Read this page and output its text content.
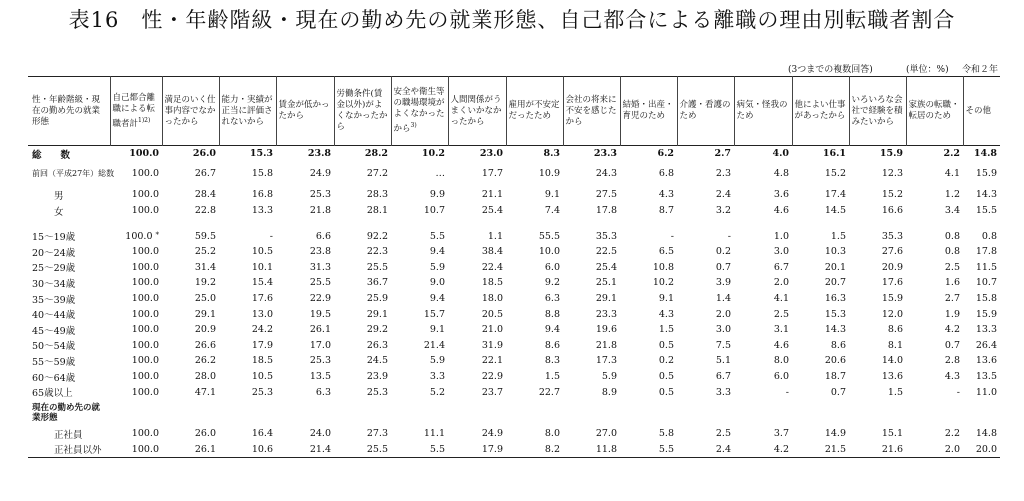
表16　性・年齢階級・現在の勤め先の就業形態、自己都合による離職の理由別転職者割合
(3つまでの複数回答)	(単位：%) 令和２年
性・年齢階級・現在の勤め先の就業形態	自己都合離職による転職者計$^{1)2)}$	満足のいく仕事内容でなかったから	能力・実績が正当に評価されないから	賃金が低かったから	労働条件(賃金以外)がよくなかったから	安全や衛生等の職場環境がよくなかったから$^{3)}$	人間関係がうまくいかなかったから	雇用が不安定だったため	会社の将来に不安を感じたから	結婚・出産・育児のため	介護・看護のため	病気・怪我のため	他によい仕事があったから	いろいろな会社で経験を積みたいから	家族の転職・転居のため	その他
総　　数	100.0	26.0	15.3	23.8	28.2	10.2	23.0	8.3	23.3	6.2	2.7	4.0	16.1	15.9	2.2	14.8

前回（平成27年）総数	100.0	26.7	15.8	24.9	27.2	…	17.7	10.9	24.3	6.8	2.3	4.8	15.2	12.3	4.1	15.9

男	100.0	28.4	16.8	25.3	28.3	9.9	21.1	9.1	27.5	4.3	2.4	3.6	17.4	15.2	1.2	14.3
女	100.0	22.8	13.3	21.8	28.1	10.7	25.4	7.4	17.8	8.7	3.2	4.6	14.5	16.6	3.4	15.5

15～19歳	100.0 *	59.5	-	6.6	92.2	5.5	1.1	55.5	35.3	-	-	1.0	1.5	35.3	0.8	0.8
20～24歳	100.0	25.2	10.5	23.8	22.3	9.4	38.4	10.0	22.5	6.5	0.2	3.0	10.3	27.6	0.8	17.8
25～29歳	100.0	31.4	10.1	31.3	25.5	5.9	22.4	6.0	25.4	10.8	0.7	6.7	20.1	20.9	2.5	11.5
30～34歳	100.0	19.2	15.4	25.5	36.7	9.0	18.5	9.2	25.1	10.2	3.9	2.0	20.7	17.6	1.6	10.7
35～39歳	100.0	25.0	17.6	22.9	25.9	9.4	18.0	6.3	29.1	9.1	1.4	4.1	16.3	15.9	2.7	15.8
40～44歳	100.0	29.1	13.0	19.5	29.1	15.7	20.5	8.8	23.3	4.3	2.0	2.5	15.3	12.0	1.9	15.9
45～49歳	100.0	20.9	24.2	26.1	29.2	9.1	21.0	9.4	19.6	1.5	3.0	3.1	14.3	8.6	4.2	13.3
50～54歳	100.0	26.6	17.9	17.0	26.3	21.4	31.9	8.6	21.8	0.5	7.5	4.6	8.6	8.1	0.7	26.4
55～59歳	100.0	26.2	18.5	25.3	24.5	5.9	22.1	8.3	17.3	0.2	5.1	8.0	20.6	14.0	2.8	13.6
60～64歳	100.0	28.0	10.5	13.5	23.9	3.3	22.9	1.5	5.9	0.5	6.7	6.0	18.7	13.6	4.3	13.5
65歳以上	100.0	47.1	25.3	6.3	25.3	5.2	23.7	22.7	8.9	0.5	3.3	-	0.7	1.5	-	11.0
現在の勤め先の就業形態																
正社員	100.0	26.0	16.4	24.0	27.3	11.1	24.9	8.0	27.0	5.8	2.5	3.7	14.9	15.1	2.2	14.8
正社員以外	100.0	26.1	10.6	21.4	25.5	5.5	17.9	8.2	11.8	5.5	2.4	4.2	21.5	21.6	2.0	20.0
